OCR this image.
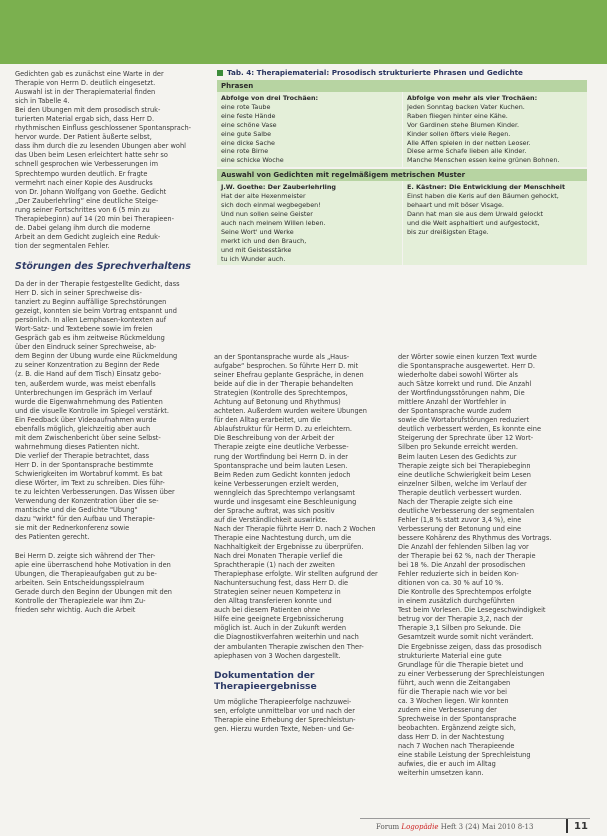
Gedichten gab es zunächst eine Warte in der
Therapie von Herrn D. deutlich eingesetzt.
Auswahl ist in der Therapiematerial finden
sich in Tabelle 4.
Bei den Übungen mit dem prosodisch struk-
turierten Material ergab sich, dass Herr D.
rhythmischen Einfluss geschlossener Spontansprach-
hervor wurde. Der Patient äußerte selbst,
dass ihm durch die zu lesenden Übungen aber wohl
das Üben beim Lesen erleichtert hatte sehr so
schnell gesprochen wie Verbesserungen im
Sprechtempo wurden deutlich. Er fragte
vermehrt nach einer Kopie des Ausdrucks
von Dr. Johann Wolfgang von Goethe. Gedicht
„Der Zauberlehrling“ eine deutliche Steige-
rung seiner Fortschrittes von 6 (5 min zu
Therapiebeginn) auf 14 (20 min bei Therapieen-
de. Dabei gelang ihm durch die moderne
Arbeit an dem Gedicht zugleich eine Reduk-
tion der segmentalen Fehler.
Störungen des Sprechverhaltens
Da der in der Therapie festgestellte Gedicht, dass
Herr D. sich in seiner Sprechweise dis-
tanziert zu Beginn auffällige Sprechstörungen
gezeigt, konnten sie beim Vortrag entspannt und
persönlich. In allen Lernphasen-kontexten auf
Wort-Satz- und Textebene sowie im freien
Gespräch gab es ihm zeitweise Rückmeldung
über den Eindruck seiner Sprechweise, ab-
dem Beginn der Übung wurde eine Rückmeldung
zu seiner Konzentration zu Beginn der Rede
(z. B. die Hand auf dem Tisch) Einsatz gebo-
ten, außerdem wurde, was meist ebenfalls
Unterbrechungen im Gespräch im Verlauf
wurde die Eigenwahrnehmung des Patienten
und die visuelle Kontrolle im Spiegel verstärkt.
Ein Feedback über Videoaufnahmen wurde
ebenfalls möglich, gleichzeitig aber auch
mit dem Zwischenbericht über seine Selbst-
wahrnehmung dieses Patienten nicht.
Die verlief der Therapie betrachtet, dass
Herr D. in der Spontansprache bestimmte
Schwierigkeiten im Wortabruf kommt. Es bat
diese Wörter, im Text zu schreiben. Dies führ-
te zu leichten Verbesserungen. Das Wissen über
Verwendung der Konzentration über die se-
mantische und die Gedichte "Übung"
dazu "wirkt" für den Aufbau und Therapie-
sie mit der Rednerkonferenz sowie
des Patienten gerecht.
Bei Herrn D. zeigte sich während der Ther-
apie eine überraschend hohe Motivation in den
Übungen, die Therapieaufgaben gut zu be-
arbeiten. Sein Entscheidungsspielraum
Gerade durch den Beginn der Übungen mit den
Kontrolle der Therapieziele war ihm Zu-
frieden sehr wichtig. Auch die Arbeit
Tab. 4: Therapiematerial: Prosodisch strukturierte Phrasen und Gedichte
Phrasen
Abfolge von drei Trochäen:
eine rote Taube
eine feste Hände
eine schöne Vase
eine gute Salbe
eine dicke Sache
eine rote Birne
eine schicke Woche
Abfolge von mehr als vier Trochäen:
Jeden Sonntag backen Vater Kuchen.
Raben fliegen hinter eine Kähe.
Vor Gardinen stehe Blumen Kinder.
Kinder sollen öfters viele Regen.
Alle Affen spielen in der netten Leoser.
Diese arme Schafe lieben alle Kinder.
Manche Menschen essen keine grünen Bohnen.
Auswahl von Gedichten mit regelmäßigem metrischen Muster
J.W. Goethe: Der Zauberlehrling
Hat der alte Hexenmeister
sich doch einmal wegbegeben!
Und nun sollen seine Geister
auch nach meinem Willen leben.
Seine Wort' und Werke
merkt ich und den Brauch,
und mit Geistesstärke
tu ich Wunder auch.
E. Kästner: Die Entwicklung der Menschheit
Einst haben die Kerls auf den Bäumen gehockt,
behaart und mit böser Visage.
Dann hat man sie aus dem Urwald gelockt
und die Welt asphaltiert und aufgestockt,
bis zur dreißigsten Etage.
an der Spontansprache wurde als „Haus-
aufgabe“ besprochen. So führte Herr D. mit
seiner Ehefrau geplante Gespräche, in denen
beide auf die in der Therapie behandelten
Strategien (Kontrolle des Sprechtempos,
Achtung auf Betonung und Rhythmus)
achteten. Außerdem wurden weitere Übungen
für den Alltag erarbeitet, um die
Ablaufstruktur für Herrn D. zu erleichtern.
Die Beschreibung von der Arbeit der
Therapie zeigte eine deutliche Verbesse-
rung der Wortfindung bei Herrn D. in der
Spontansprache und beim lauten Lesen.
Beim Reden zum Gedicht konnten jedoch
keine Verbesserungen erzielt werden,
wenngleich das Sprechtempo verlangsamt
wurde und insgesamt eine Beschleunigung
der Sprache auftrat, was sich positiv
auf die Verständlichkeit auswirkte.
Nach der Therapie führte Herr D. nach 2 Wochen
Therapie eine Nachtestung durch, um die
Nachhaltigkeit der Ergebnisse zu überprüfen.
Nach drei Monaten Therapie verlief die
Sprachtherapie (1) nach der zweiten
Therapiephase erfolgte. Wir stellten aufgrund der
Nachuntersuchung fest, dass Herr D. die
Strategien seiner neuen Kompetenz in
den Alltag transferieren konnte und
auch bei diesem Patienten ohne
Hilfe eine geeignete Ergebnissicherung
möglich ist. Auch in der Zukunft werden
die Diagnostikverfahren weiterhin und nach
der ambulanten Therapie zwischen den Ther-
apiephasen von 3 Wochen dargestellt.
Dokumentation der Therapieergebnisse
Um mögliche Therapieerfolge nachzuwei-
sen, erfolgte unmittelbar vor und nach der
Therapie eine Erhebung der Sprechleistun-
gen. Hierzu wurden Texte, Neben- und Ge-
der Wörter sowie einen kurzen Text wurde
die Spontansprache ausgewertet. Herr D.
wiederholte dabei sowohl Wörter als
auch Sätze korrekt und rund. Die Anzahl
der Wortfindungsstörungen nahm, Die
mittlere Anzahl der Wortfehler in
der Spontansprache wurde zudem
sowie die Wortabrufstörungen reduziert
deutlich verbessert werden, Es konnte eine
Steigerung der Sprechrate über 12 Wort-
Silben pro Sekunde erreicht werden.
Beim lauten Lesen des Gedichts zur
Therapie zeigte sich bei Therapiebeginn
eine deutliche Schwierigkeit beim Lesen
einzelner Silben, welche im Verlauf der
Therapie deutlich verbessert wurden.
Nach der Therapie zeigte sich eine
deutliche Verbesserung der segmentalen
Fehler (1,8 % statt zuvor 3,4 %), eine
Verbesserung der Betonung und eine
bessere Kohärenz des Rhythmus des Vortrags.
Die Anzahl der fehlenden Silben lag vor
der Therapie bei 62 %, nach der Therapie
bei 18 %. Die Anzahl der prosodischen
Fehler reduzierte sich in beiden Kon-
ditionen von ca. 30 % auf 10 %.
Die Kontrolle des Sprechtempos erfolgte
in einem zusätzlich durchgeführten
Test beim Vorlesen. Die Lesegeschwindigkeit
betrug vor der Therapie 3,2, nach der
Therapie 3,1 Silben pro Sekunde. Die
Gesamtzeit wurde somit nicht verändert.
Die Ergebnisse zeigen, dass das prosodisch
strukturierte Material eine gute
Grundlage für die Therapie bietet und
zu einer Verbesserung der Sprechleistungen
führt, auch wenn die Zeitangaben
für die Therapie nach wie vor bei
ca. 3 Wochen liegen. Wir konnten
zudem eine Verbesserung der
Sprechweise in der Spontansprache
beobachten. Ergänzend zeigte sich,
dass Herr D. in der Nachtestung
nach 7 Wochen nach Therapieende
eine stabile Leistung der Sprechleistung
aufwies, die er auch im Alltag
weiterhin umsetzen kann.
Forum Logopädie Heft 3 (24) Mai 2010 8-13	11
